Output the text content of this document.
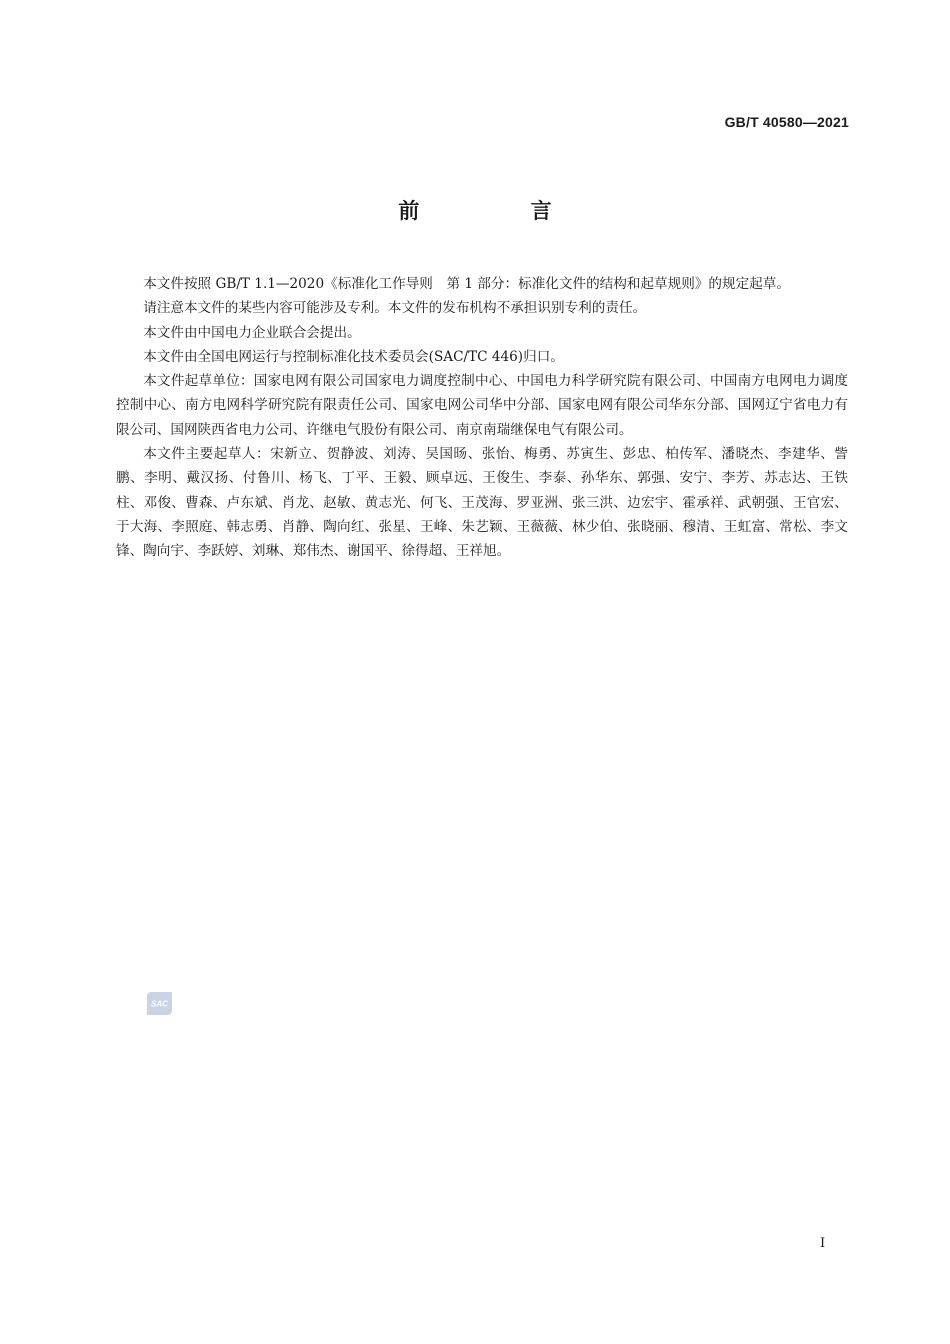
GB/T 40580—2021
前 言

本文件按照 GB/T 1.1—2020《标准化工作导则　第 1 部分：标准化文件的结构和起草规则》的规定起草。

请注意本文件的某些内容可能涉及专利。本文件的发布机构不承担识别专利的责任。

本文件由中国电力企业联合会提出。

本文件由全国电网运行与控制标准化技术委员会(SAC/TC 446)归口。

本文件起草单位：国家电网有限公司国家电力调度控制中心、中国电力科学研究院有限公司、中国南方电网电力调度控制中心、南方电网科学研究院有限责任公司、国家电网公司华中分部、国家电网有限公司华东分部、国网辽宁省电力有限公司、国网陕西省电力公司、许继电气股份有限公司、南京南瑞继保电气有限公司。

本文件主要起草人：宋新立、贺静波、刘涛、吴国旸、张怡、梅勇、苏寅生、彭忠、柏传军、潘晓杰、李建华、訾鹏、李明、戴汉扬、付鲁川、杨飞、丁平、王毅、顾卓远、王俊生、李泰、孙华东、郭强、安宁、李芳、苏志达、王铁柱、邓俊、曹森、卢东斌、肖龙、赵敏、黄志光、何飞、王茂海、罗亚洲、张三洪、边宏宇、霍承祥、武朝强、王官宏、于大海、李照庭、韩志勇、肖静、陶向红、张星、王峰、朱艺颖、王薇薇、林少伯、张晓丽、穆清、王虹富、常松、李文锋、陶向宇、李跃婷、刘琳、郑伟杰、谢国平、徐得超、王祥旭。

SAC
I
